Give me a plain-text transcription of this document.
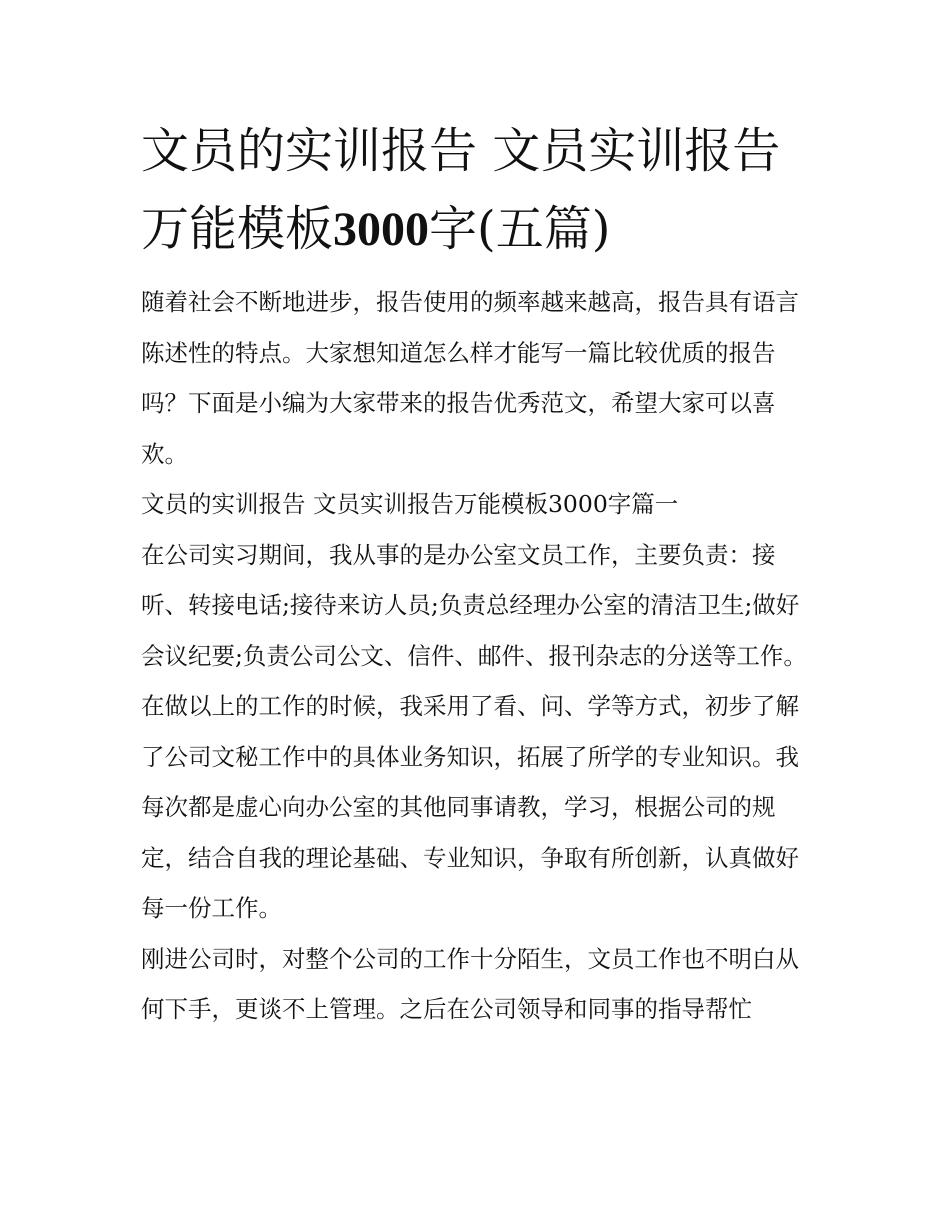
文员的实训报告 文员实训报告
万能模板3000字(五篇)

随着社会不断地进步，报告使用的频率越来越高，报告具有语言陈述性的特点。大家想知道怎么样才能写一篇比较优质的报告吗？下面是小编为大家带来的报告优秀范文，希望大家可以喜欢。

文员的实训报告 文员实训报告万能模板3000字篇一

在公司实习期间，我从事的是办公室文员工作，主要负责：接听、转接电话;接待来访人员;负责总经理办公室的清洁卫生;做好会议纪要;负责公司公文、信件、邮件、报刊杂志的分送等工作。

在做以上的工作的时候，我采用了看、问、学等方式，初步了解了公司文秘工作中的具体业务知识，拓展了所学的专业知识。我每次都是虚心向办公室的其他同事请教，学习，根据公司的规定，结合自我的理论基础、专业知识，争取有所创新，认真做好每一份工作。

刚进公司时，对整个公司的工作十分陌生，文员工作也不明白从何下手，更谈不上管理。之后在公司领导和同事的指导帮忙
